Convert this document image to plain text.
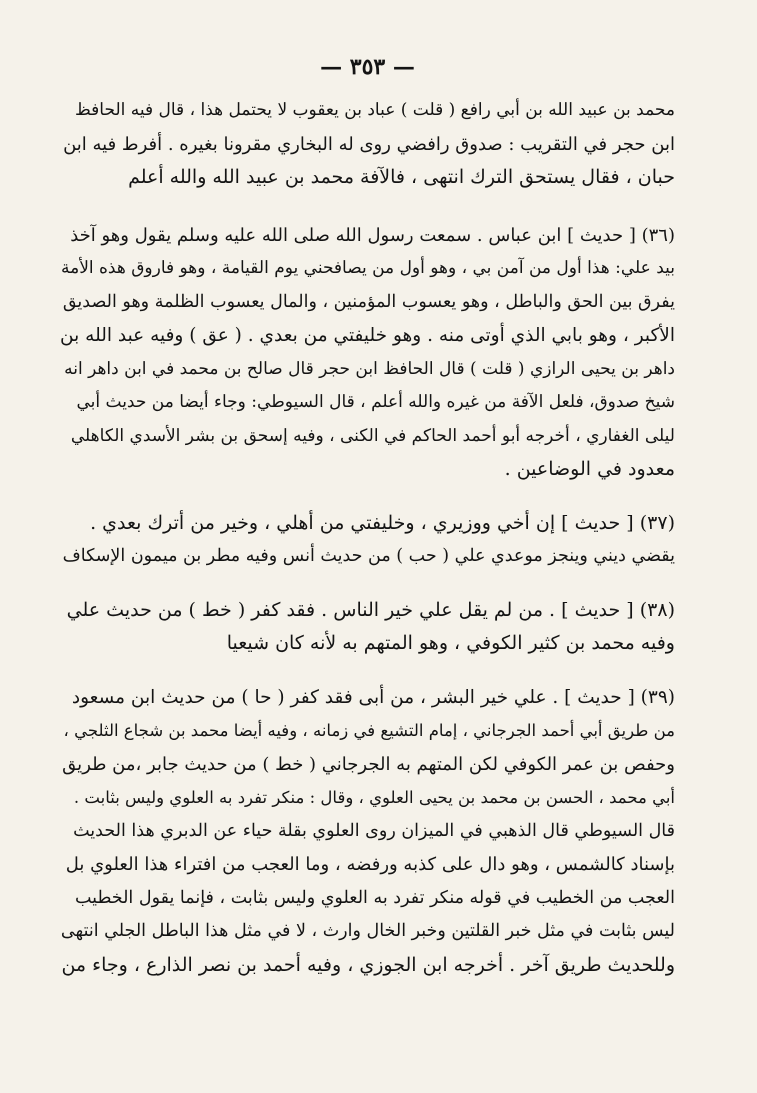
— ٣٥٣ —
محمد بن عبيد الله بن أبي رافع ( قلت ) عباد بن يعقوب لا يحتمل هذا ، قال فيه الحافظ
ابن حجر في التقريب : صدوق رافضي روى له البخاري مقرونا بغيره . أفرط فيه ابن
حبان ، فقال يستحق الترك انتهى ، فالآفة محمد بن عبيد الله والله أعلم
(٣٦) [ حديث ] ابن عباس . سمعت رسول الله صلى الله عليه وسلم يقول وهو آخذ
بيد علي: هذا أول من آمن بي ، وهو أول من يصافحني يوم القيامة ، وهو فاروق هذه الأمة
يفرق بين الحق والباطل ، وهو يعسوب المؤمنين ، والمال يعسوب الظلمة وهو الصديق
الأكبر ، وهو بابي الذي أوتى منه . وهو خليفتي من بعدي . ( عق ) وفيه عبد الله بن
داهر بن يحيى الرازي ( قلت ) قال الحافظ ابن حجر قال صالح بن محمد في ابن داهر انه
شيخ صدوق، فلعل الآفة من غيره والله أعلم ، قال السيوطي: وجاء أيضا من حديث أبي
ليلى الغفاري ، أخرجه أبو أحمد الحاكم في الكنى ، وفيه إسحق بن بشر الأسدي الكاهلي
معدود في الوضاعين .
(٣٧) [ حديث ] إن أخي ووزيري ، وخليفتي من أهلي ، وخير من أترك بعدي .
يقضي ديني وينجز موعدي علي ( حب ) من حديث أنس وفيه مطر بن ميمون الإسكاف
(٣٨) [ حديث ] . من لم يقل علي خير الناس . فقد كفر ( خط ) من حديث علي
وفيه محمد بن كثير الكوفي ، وهو المتهم به لأنه كان شيعيا
(٣٩) [ حديث ] . علي خير البشر ، من أبى فقد كفر ( حا ) من حديث ابن مسعود
من طريق أبي أحمد الجرجاني ، إمام التشيع في زمانه ، وفيه أيضا محمد بن شجاع الثلجي ،
وحفص بن عمر الكوفي لكن المتهم به الجرجاني ( خط ) من حديث جابر ،من طريق
أبي محمد ، الحسن بن محمد بن يحيى العلوي ، وقال : منكر تفرد به العلوي وليس بثابت .
قال السيوطي قال الذهبي في الميزان روى العلوي بقلة حياء عن الدبري هذا الحديث
بإسناد كالشمس ، وهو دال على كذبه ورفضه ، وما العجب من افتراء هذا العلوي بل
العجب من الخطيب في قوله منكر تفرد به العلوي وليس بثابت ، فإنما يقول الخطيب
ليس بثابت في مثل خبر القلتين وخبر الخال وارث ، لا في مثل هذا الباطل الجلي انتهى
وللحديث طريق آخر . أخرجه ابن الجوزي ، وفيه أحمد بن نصر الذارع ، وجاء من
